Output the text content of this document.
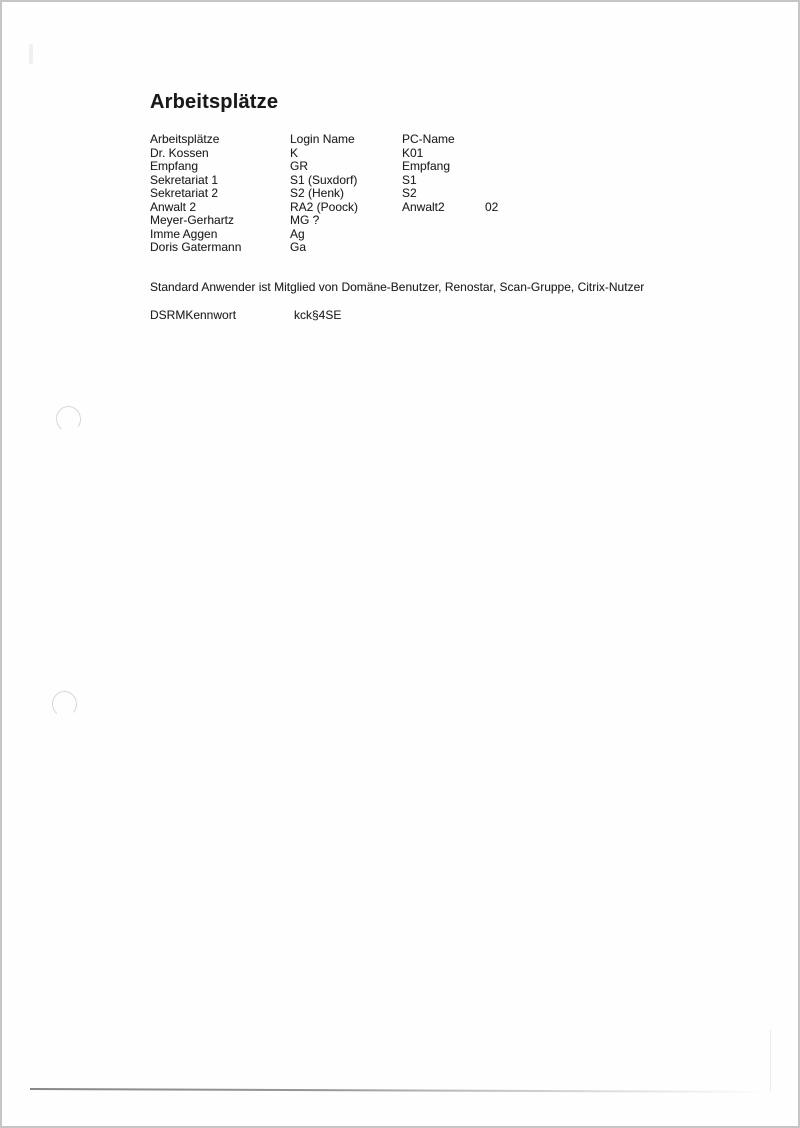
Arbeitsplätze
Arbeitsplätze	Login Name	PC-Name
Dr. Kossen	K	K01
Empfang	GR	Empfang
Sekretariat 1	S1 (Suxdorf)	S1
Sekretariat 2	S2 (Henk)	S2
Anwalt 2	RA2 (Poock)	Anwalt2	02
Meyer-Gerhartz	MG ?
Imme Aggen	Ag
Doris Gatermann	Ga
Standard Anwender ist Mitglied von Domäne-Benutzer, Renostar, Scan-Gruppe, Citrix-Nutzer
DSRMKennwort	kck§4SE
